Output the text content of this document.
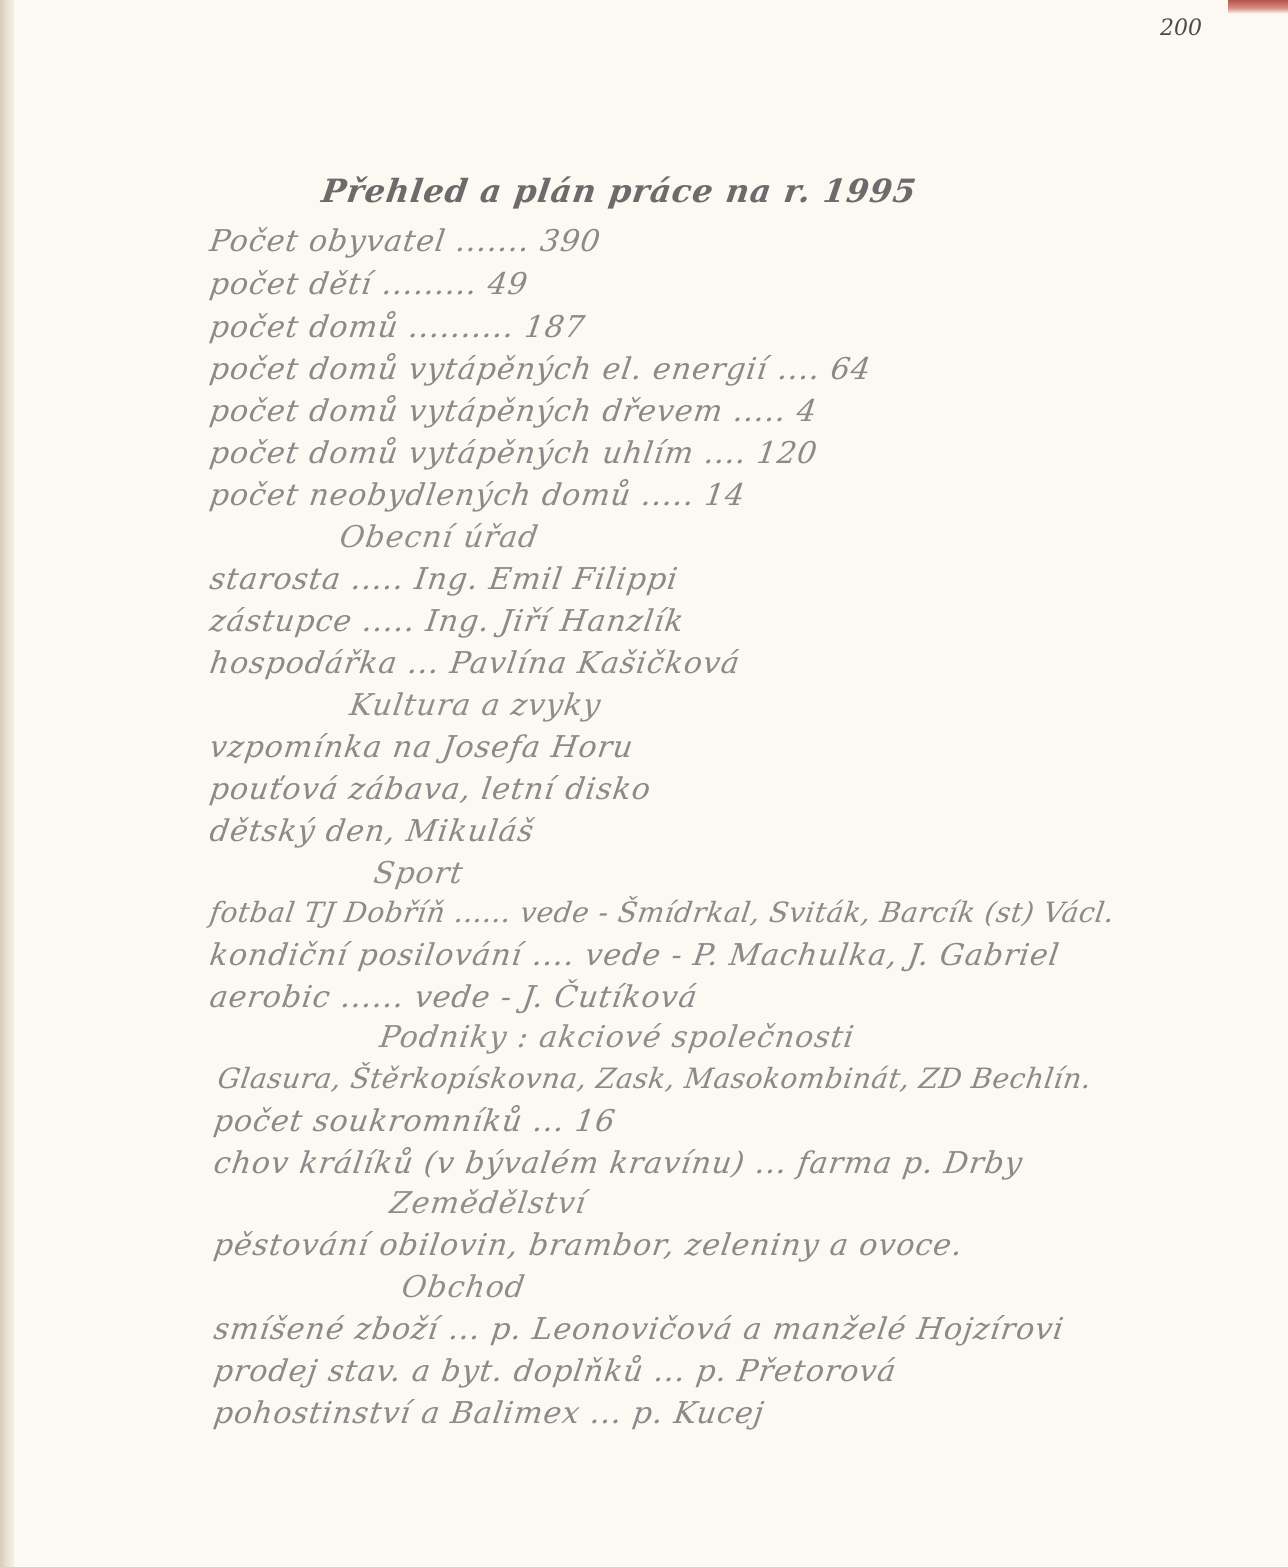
200
Přehled a plán práce na r. 1995
Počet obyvatel ....... 390
počet dětí ......... 49
počet domů .......... 187
počet domů vytápěných el. energií .... 64
počet domů vytápěných dřevem ..... 4
počet domů vytápěných uhlím .... 120
počet neobydlených domů ..... 14
Obecní úřad
starosta ..... Ing. Emil Filippi
zástupce ..... Ing. Jiří Hanzlík
hospodářka ... Pavlína Kašičková
Kultura a zvyky
vzpomínka na Josefa Horu
pouťová zábava, letní disko
dětský den, Mikuláš
Sport
fotbal TJ Dobříň ...... vede - Šmídrkal, Sviták, Barcík (st) Václ.
kondiční posilování .... vede - P. Machulka, J. Gabriel
aerobic ...... vede - J. Čutíková
Podniky : akciové společnosti
Glasura, Štěrkopískovna, Zask, Masokombinát, ZD Bechlín.
počet soukromníků ... 16
chov králíků (v bývalém kravínu) ... farma p. Drby
Zemědělství
pěstování obilovin, brambor, zeleniny a ovoce.
Obchod
smíšené zboží ... p. Leonovičová a manželé Hojzírovi
prodej stav. a byt. doplňků ... p. Přetorová
pohostinství a Balimex ... p. Kucej
